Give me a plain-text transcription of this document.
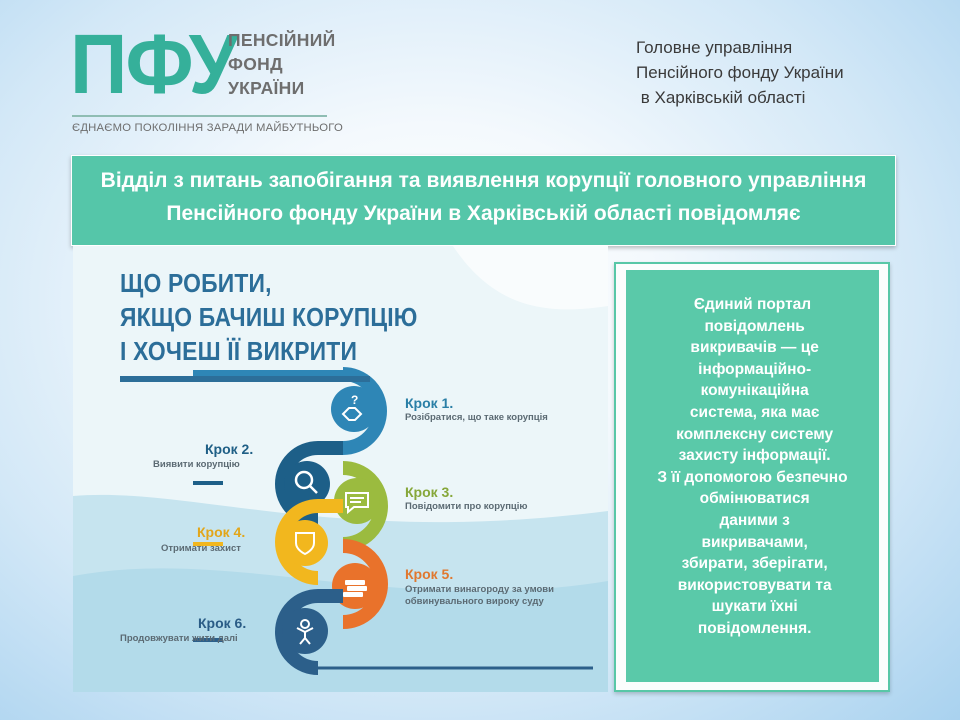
ПФУ
ПЕНСІЙНИЙ
ФОНД
УКРАЇНИ
ЄДНАЄМО ПОКОЛІННЯ ЗАРАДИ МАЙБУТНЬОГО
Головне управління
Пенсійного фонду України
в Харківській області
Відділ з питань запобігання та виявлення корупції головного управління
Пенсійного фонду України в Харківській області повідомляє
?
ЩО РОБИТИ,
ЯКЩО БАЧИШ КОРУПЦІЮ
І ХОЧЕШ ЇЇ ВИКРИТИ
Крок 1.
Розібратися, що таке корупція
Крок 2.
Виявити корупцію
Крок 3.
Повідомити про корупцію
Крок 4.
Отримати захист
Крок 5.
Отримати винагороду за умови
обвинувального вироку суду
Крок 6.
Продовжувати жити далі
Єдиний портал
повідомлень
викривачів — це
інформаційно-
комунікаційна
система, яка має
комплексну систему
захисту інформації.
З її допомогою безпечно
обмінюватися
даними з
викривачами,
збирати, зберігати,
використовувати та
шукати їхні
повідомлення.
